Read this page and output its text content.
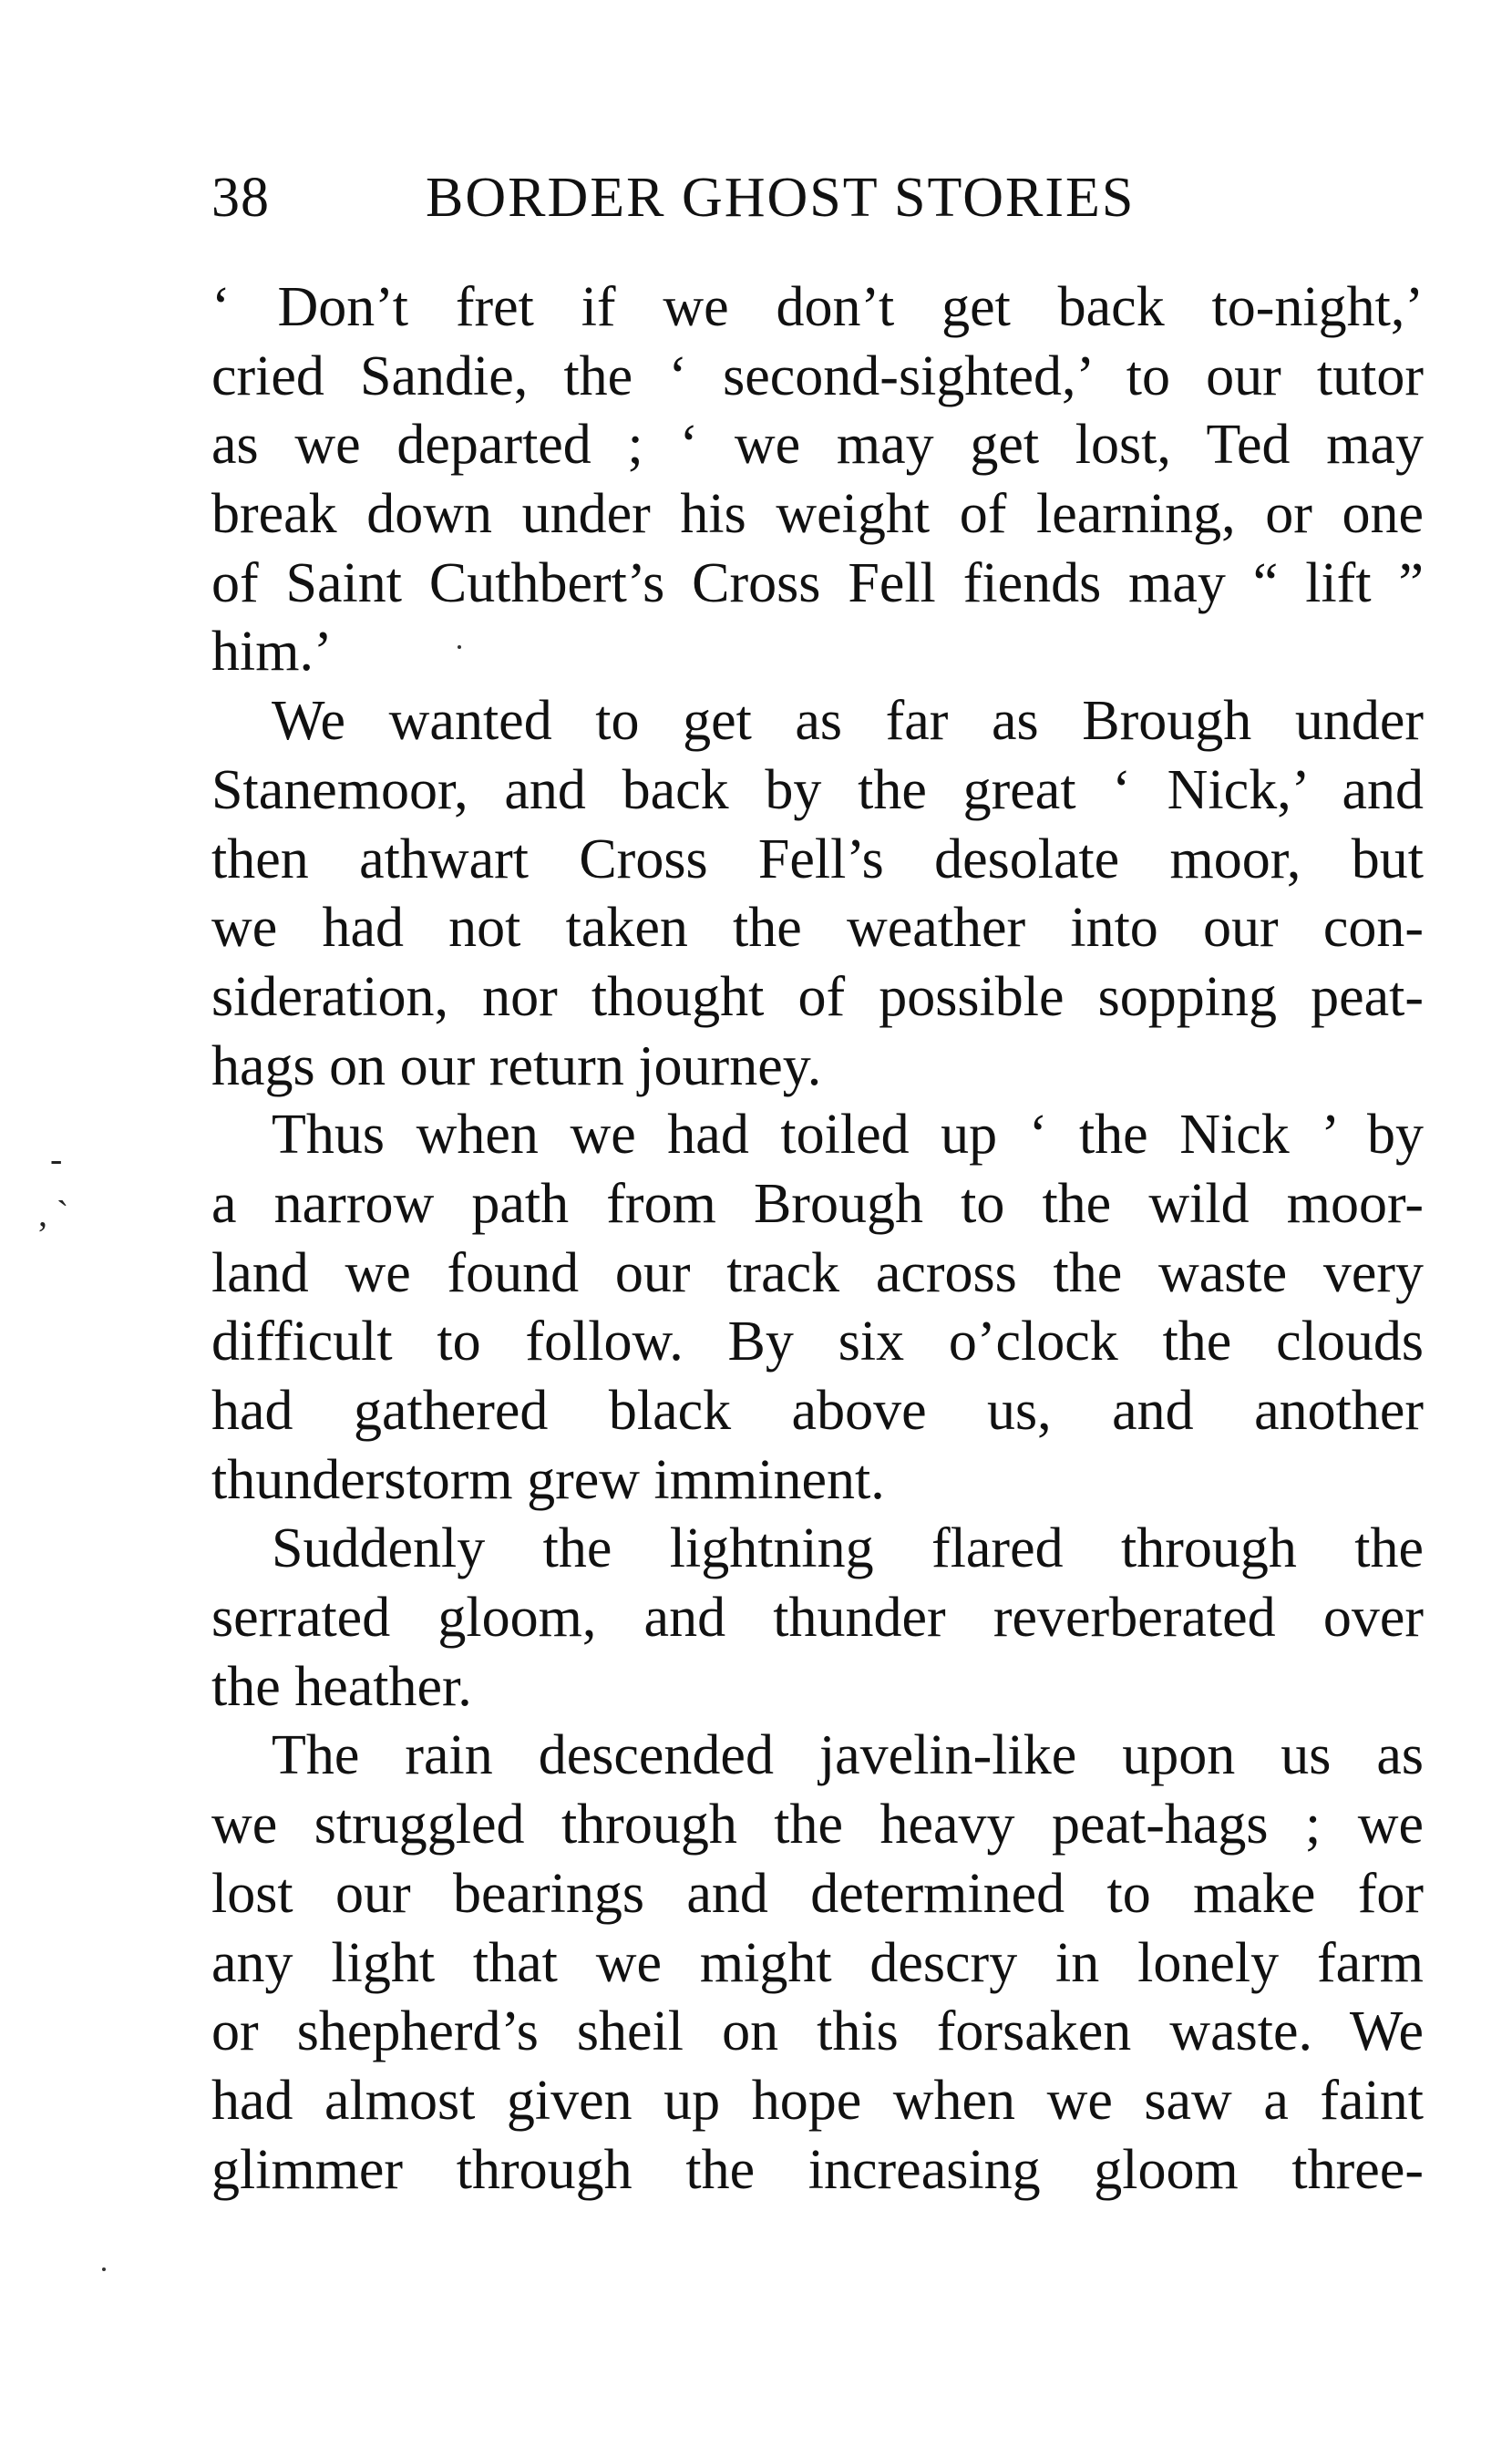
38	BORDER GHOST STORIES
-
, `
‘ Don’t fret if we don’t get back to-night,’
cried Sandie, the ‘ second-sighted,’ to our tutor
as we departed ; ‘ we may get lost, Ted may
break down under his weight of learning, or one
of Saint Cuthbert’s Cross Fell fiends may “ lift ”
him.’
We wanted to get as far as Brough under
Stanemoor, and back by the great ‘ Nick,’ and
then athwart Cross Fell’s desolate moor, but
we had not taken the weather into our con-
sideration, nor thought of possible sopping peat-
hags on our return journey.
Thus when we had toiled up ‘ the Nick ’ by
a narrow path from Brough to the wild moor-
land we found our track across the waste very
difficult to follow. By six o’clock the clouds
had gathered black above us, and another
thunderstorm grew imminent.
Suddenly the lightning flared through the
serrated gloom, and thunder reverberated over
the heather.
The rain descended javelin-like upon us as
we struggled through the heavy peat-hags ; we
lost our bearings and determined to make for
any light that we might descry in lonely farm
or shepherd’s sheil on this forsaken waste. We
had almost given up hope when we saw a faint
glimmer through the increasing gloom three-
